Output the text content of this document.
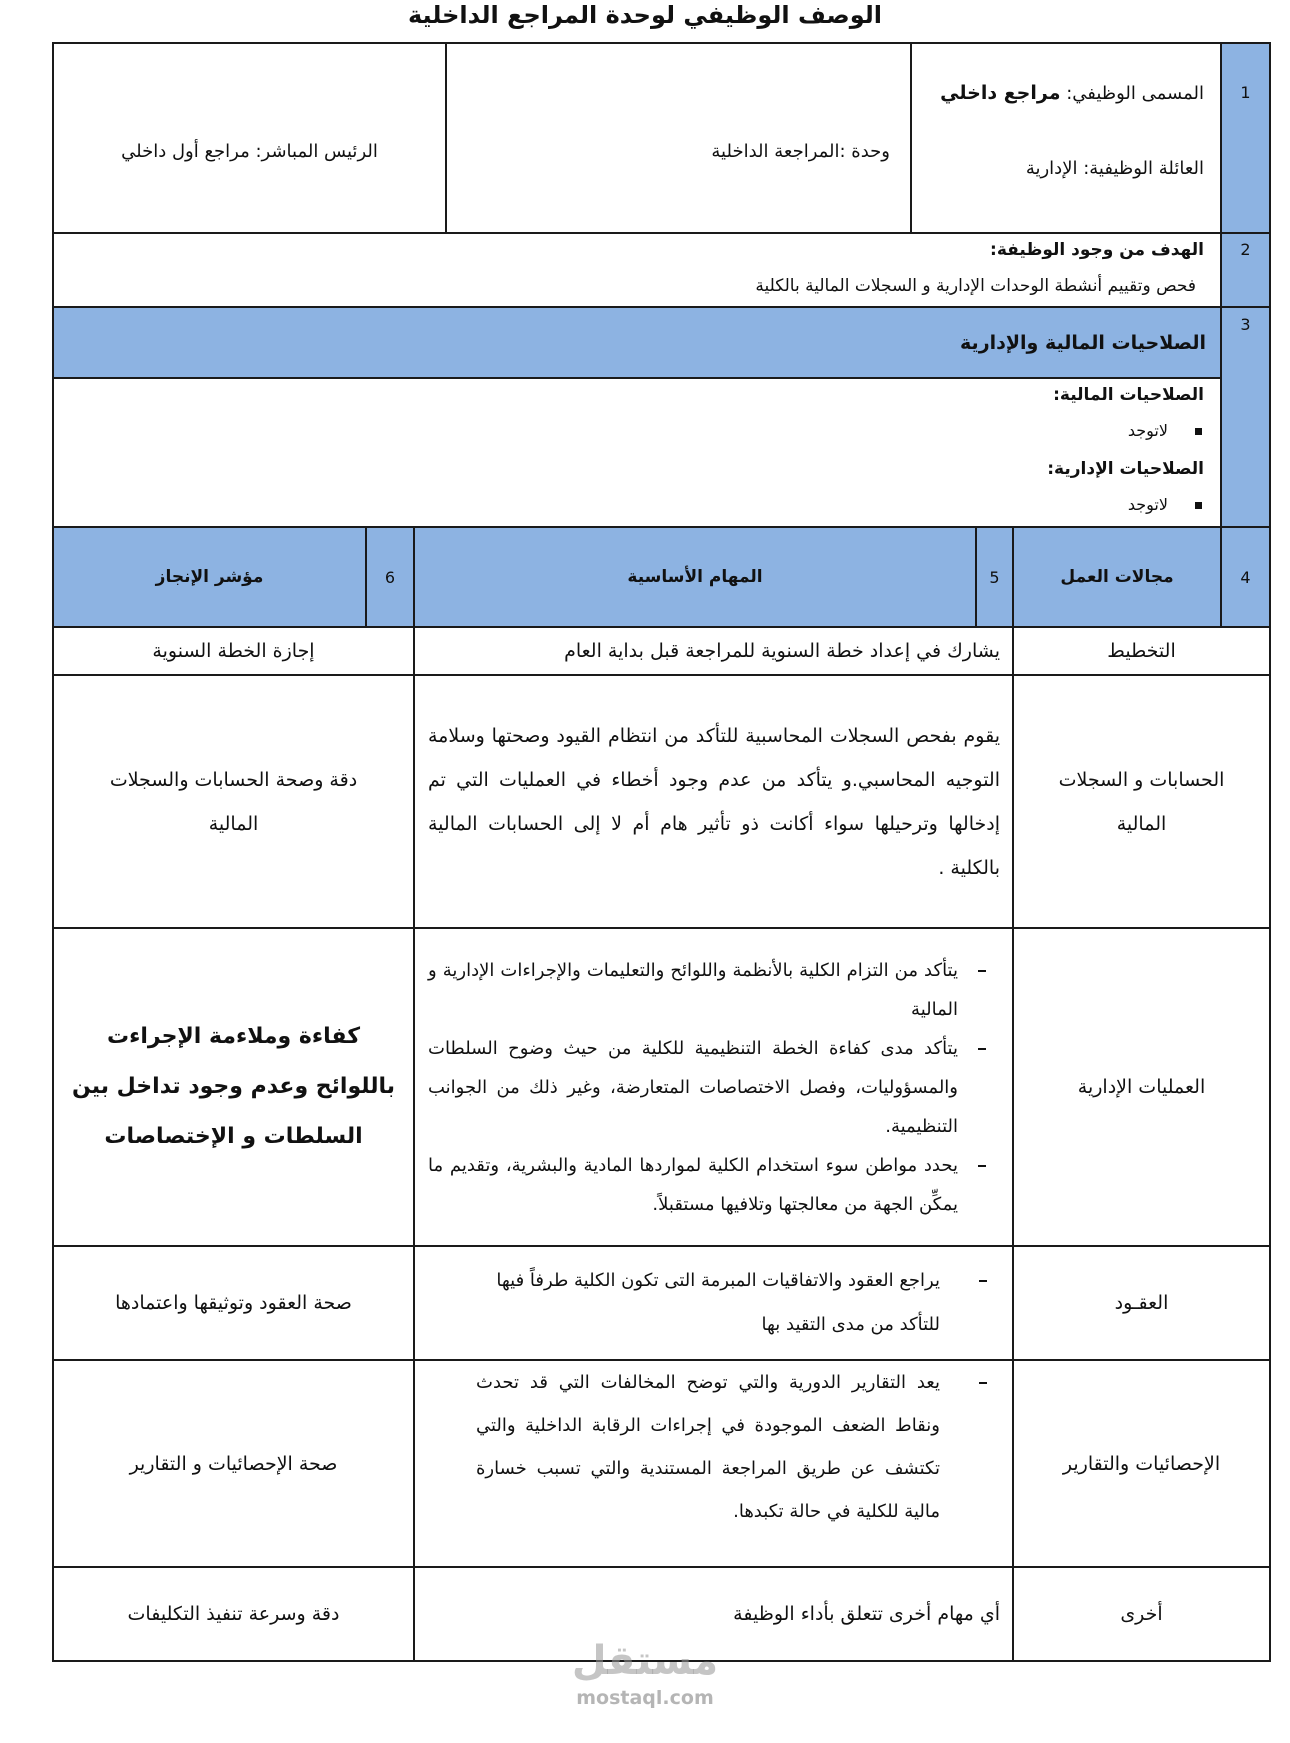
الوصف الوظيفي لوحدة المراجع الداخلية
1
المسمى الوظيفي: مراجع داخلي
العائلة الوظيفية: الإدارية
وحدة :المراجعة الداخلية
الرئيس المباشر: مراجع أول داخلي
2
الهدف من وجود الوظيفة:
فحص وتقييم أنشطة الوحدات الإدارية و السجلات المالية بالكلية
3
الصلاحيات المالية والإدارية
الصلاحيات المالية:
لاتوجد
الصلاحيات الإدارية:
لاتوجد
4
مجالات العمل
5
المهام الأساسية
6
مؤشر الإنجاز
التخطيط
يشارك في إعداد خطة السنوية للمراجعة قبل بداية العام
إجازة الخطة السنوية
الحسابات و السجلات المالية
يقوم بفحص السجلات المحاسبية للتأكد من انتظام القيود وصحتها وسلامة التوجيه المحاسبي.و يتأكد من عدم وجود أخطاء في العمليات التي تم إدخالها وترحيلها سواء أكانت ذو تأثير هام أم لا إلى الحسابات المالية بالكلية .
دقة وصحة الحسابات والسجلات المالية
العمليات الإدارية
يتأكد من التزام الكلية بالأنظمة واللوائح والتعليمات والإجراءات الإدارية و المالية
يتأكد مدى كفاءة الخطة التنظيمية للكلية من حيث وضوح السلطات والمسؤوليات، وفصل الاختصاصات المتعارضة، وغير ذلك من الجوانب التنظيمية.
يحدد مواطن سوء استخدام الكلية لمواردها المادية والبشرية، وتقديم ما يمكِّن الجهة من معالجتها وتلافيها مستقبلاً.
كفاءة وملاءمة الإجراءت باللوائح وعدم وجود تداخل بين السلطات و الإختصاصات
العقـود
يراجع العقود والاتفاقيات المبرمة التى تكون الكلية طرفاً فيها للتأكد من مدى التقيد بها
صحة العقود وتوثيقها واعتمادها
الإحصائيات والتقارير
يعد التقارير الدورية والتي توضح المخالفات التي قد تحدث ونقاط الضعف الموجودة في إجراءات الرقابة الداخلية والتي تكتشف عن طريق المراجعة المستندية والتي تسبب خسارة مالية للكلية في حالة تكبدها.
صحة الإحصائيات و التقارير
أخرى
أي مهام أخرى تتعلق بأداء الوظيفة
دقة وسرعة تنفيذ التكليفات
مستقل
mostaql.com
